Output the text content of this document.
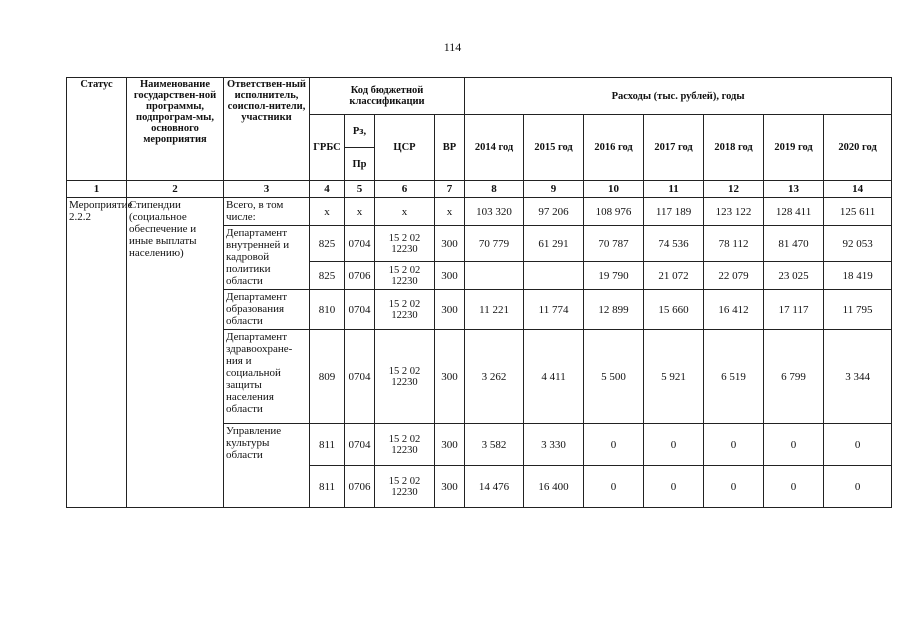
114
Статус	Наименование государствен-ной программы, подпрограм-мы, основного мероприятия	Ответствен-ный исполнитель, соиспол-нители, участники	Код бюджетной классификации				Расходы (тыс. рублей), годы						
			ГРБС	Рз,	ЦСР	ВР	2014 год	2015 год	2016 год	2017 год	2018 год	2019 год	2020 год
				Пр									
1	2	3	4	5	6	7	8	9	10	11	12	13	14
Мероприятие 2.2.2	Стипендии (социальное обеспечение и иные выплаты населению)	Всего, в том числе:	х	х	х	х	103 320	97 206	108 976	117 189	123 122	128 411	125 611
		Департамент внутренней и кадровой политики области	825	0704	15 2 02 12230	300	70 779	61 291	70 787	74 536	78 112	81 470	92 053
			825	0706	15 2 02 12230	300			19 790	21 072	22 079	23 025	18 419
		Департамент образования области	810	0704	15 2 02 12230	300	11 221	11 774	12 899	15 660	16 412	17 117	11 795
		Департамент здравоохране-ния и социальной защиты населения области	809	0704	15 2 02 12230	300	3 262	4 411	5 500	5 921	6 519	6 799	3 344
		Управление культуры области	811	0704	15 2 02 12230	300	3 582	3 330	0	0	0	0	0
			811	0706	15 2 02 12230	300	14 476	16 400	0	0	0	0	0
